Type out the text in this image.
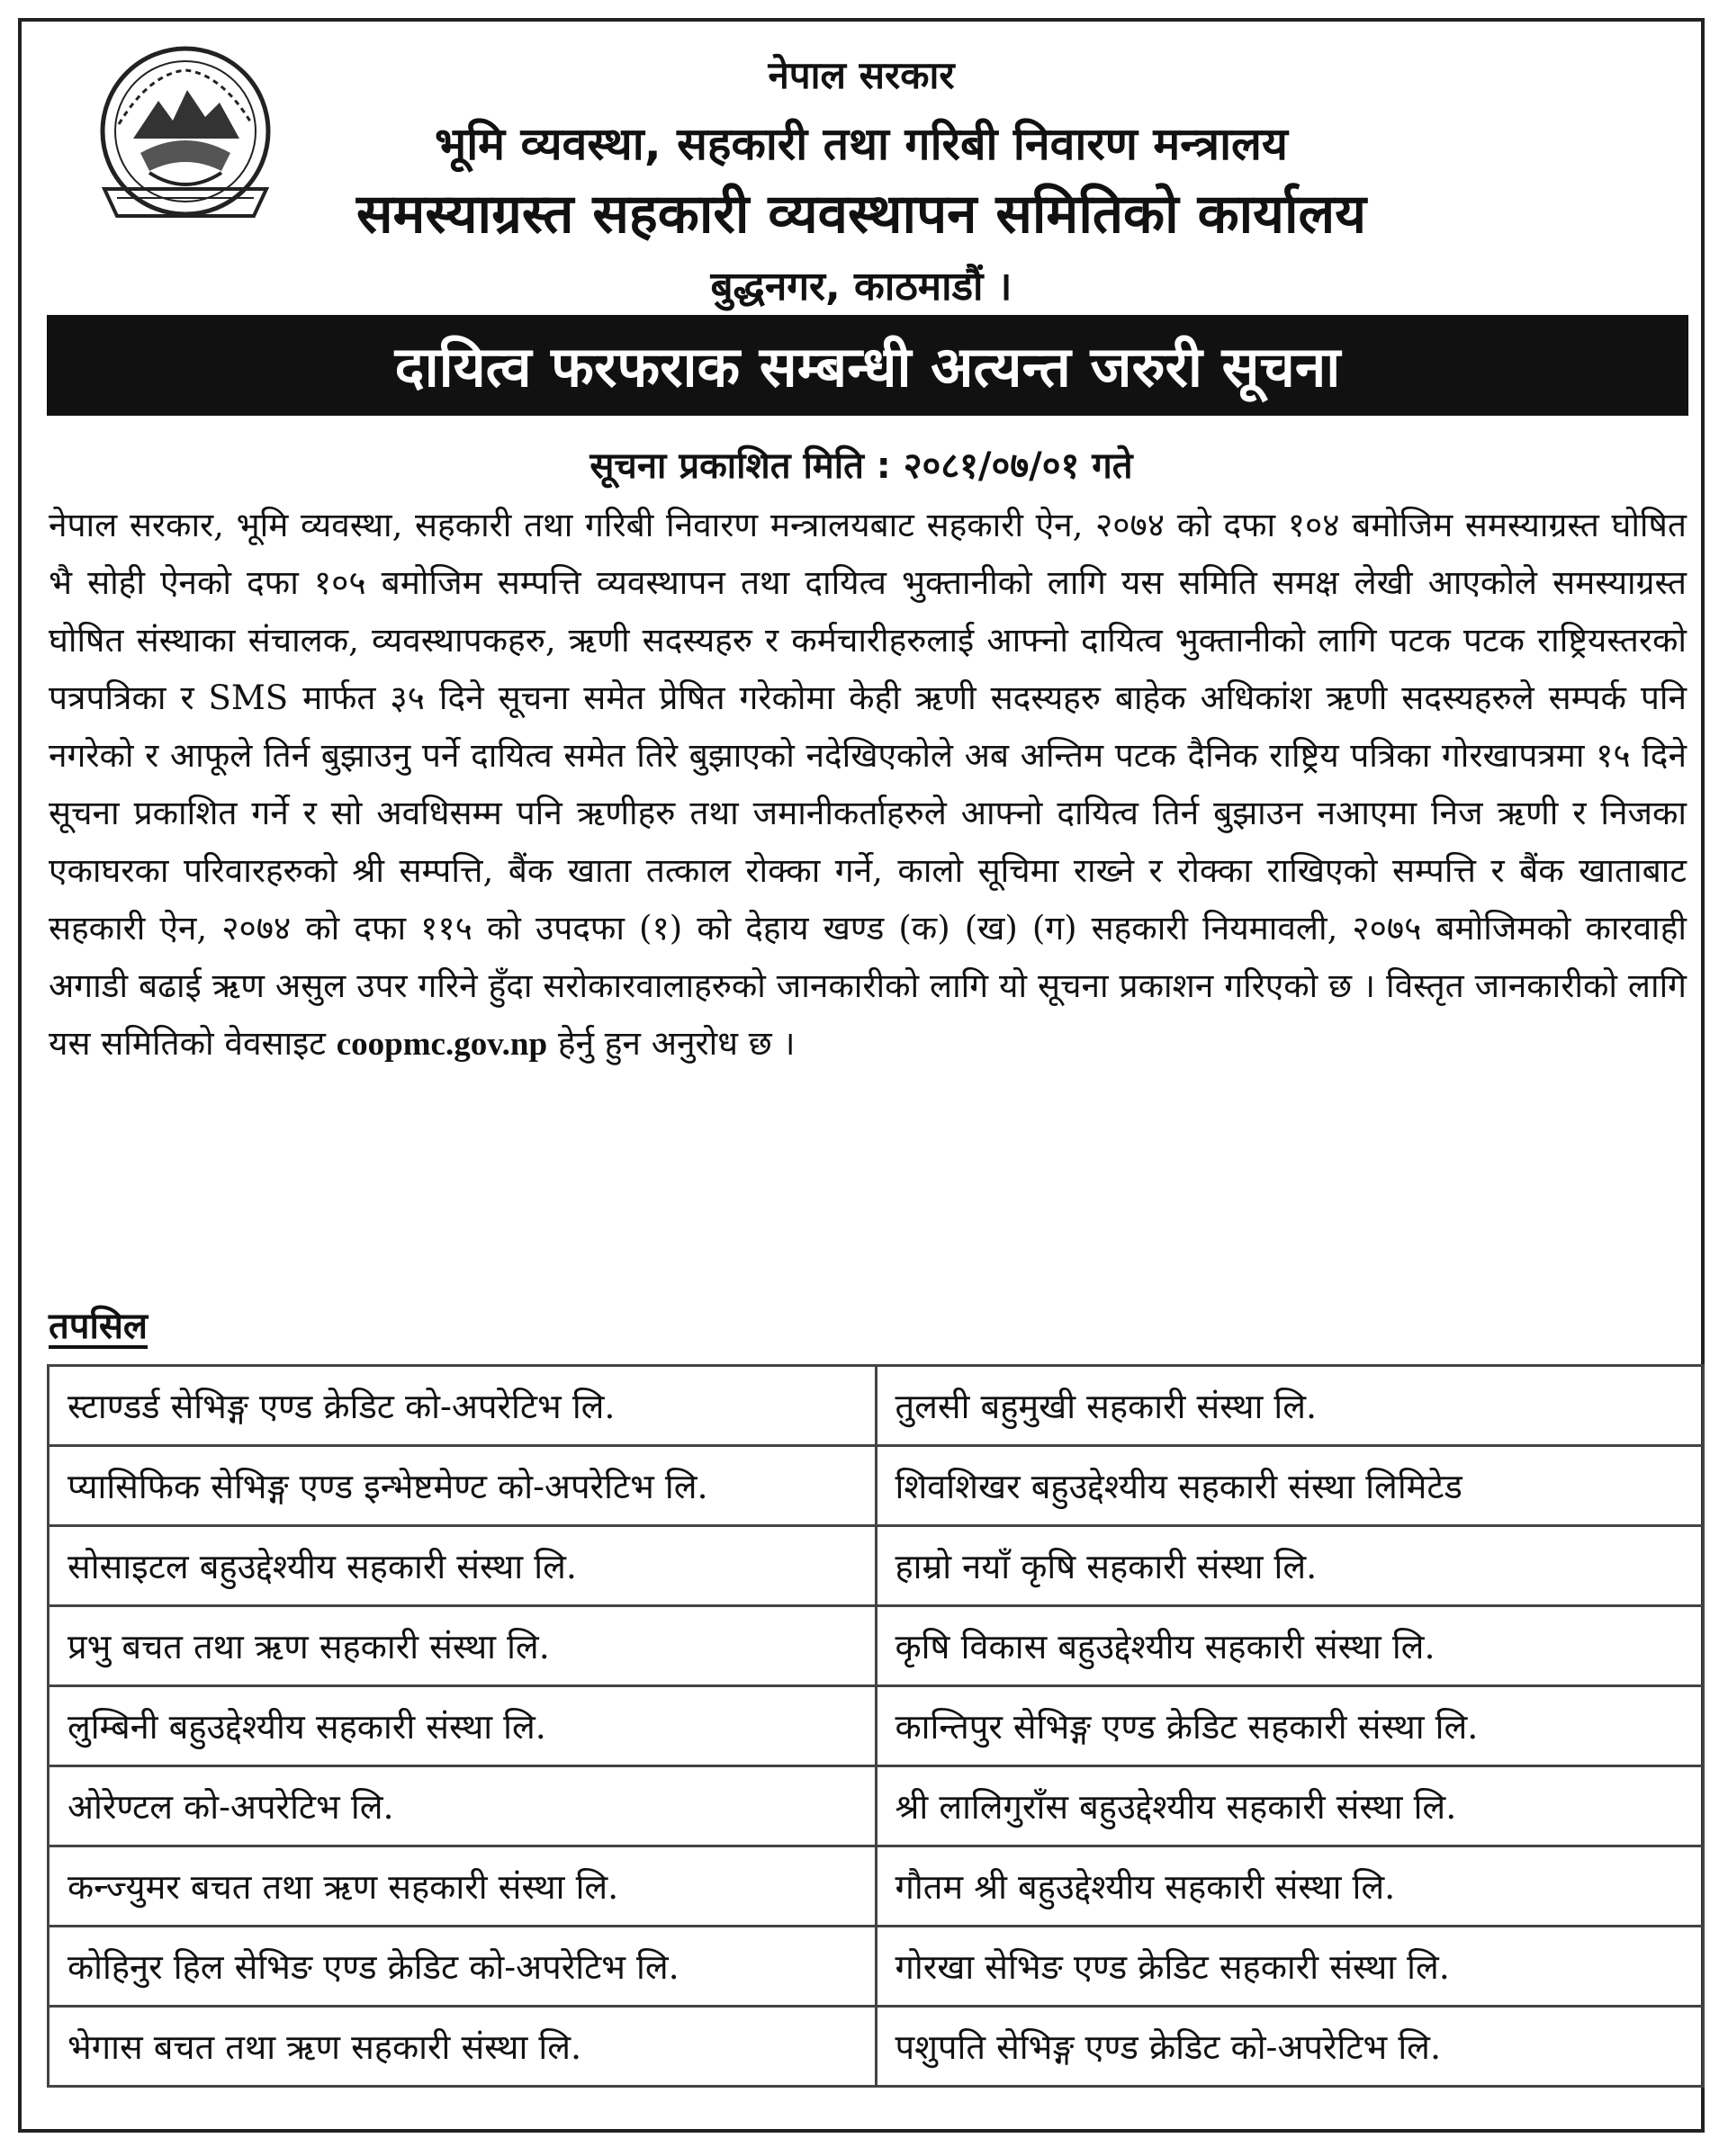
नेपाल सरकार
भूमि व्यवस्था, सहकारी तथा गरिबी निवारण मन्त्रालय
समस्याग्रस्त सहकारी व्यवस्थापन समितिको कार्यालय
बुद्धनगर, काठमाडौं ।
दायित्व फरफराक सम्बन्धी अत्यन्त जरुरी सूचना
सूचना प्रकाशित मिति : २०८१/०७/०१ गते
नेपाल सरकार, भूमि व्यवस्था, सहकारी तथा गरिबी निवारण मन्त्रालयबाट सहकारी ऐन, २०७४ को दफा १०४ बमोजिम समस्याग्रस्त घोषित भै सोही ऐनको दफा १०५ बमोजिम सम्पत्ति व्यवस्थापन तथा दायित्व भुक्तानीको लागि यस समिति समक्ष लेखी आएकोले समस्याग्रस्त घोषित संस्थाका संचालक, व्यवस्थापकहरु, ऋणी सदस्यहरु र कर्मचारीहरुलाई आफ्नो दायित्व भुक्तानीको लागि पटक पटक राष्ट्रियस्तरको पत्रपत्रिका र SMS मार्फत ३५ दिने सूचना समेत प्रेषित गरेकोमा केही ऋणी सदस्यहरु बाहेक अधिकांश ऋणी सदस्यहरुले सम्पर्क पनि नगरेको र आफूले तिर्न बुझाउनु पर्ने दायित्व समेत तिरे बुझाएको नदेखिएकोले अब अन्तिम पटक दैनिक राष्ट्रिय पत्रिका गोरखापत्रमा १५ दिने सूचना प्रकाशित गर्ने र सो अवधिसम्म पनि ऋणीहरु तथा जमानीकर्ताहरुले आफ्नो दायित्व तिर्न बुझाउन नआएमा निज ऋणी र निजका एकाघरका परिवारहरुको श्री सम्पत्ति, बैंक खाता तत्काल रोक्का गर्ने, कालो सूचिमा राख्ने र रोक्का राखिएको सम्पत्ति र बैंक खाताबाट सहकारी ऐन, २०७४ को दफा ११५ को उपदफा (१) को देहाय खण्ड (क) (ख) (ग) सहकारी नियमावली, २०७५ बमोजिमको कारवाही अगाडी बढाई ऋण असुल उपर गरिने हुँदा सरोकारवालाहरुको जानकारीको लागि यो सूचना प्रकाशन गरिएको छ । विस्तृत जानकारीको लागि यस समितिको वेवसाइट coopmc.gov.np हेर्नु हुन अनुरोध छ ।
तपसिल
स्टाण्डर्ड सेभिङ्ग एण्ड क्रेडिट को-अपरेटिभ लि.	तुलसी बहुमुखी सहकारी संस्था लि.
प्यासिफिक सेभिङ्ग एण्ड इन्भेष्टमेण्ट को-अपरेटिभ लि.	शिवशिखर बहुउद्देश्यीय सहकारी संस्था लिमिटेड
सोसाइटल बहुउद्देश्यीय सहकारी संस्था लि.	हाम्रो नयाँ कृषि सहकारी संस्था लि.
प्रभु बचत तथा ऋण सहकारी संस्था लि.	कृषि विकास बहुउद्देश्यीय सहकारी संस्था लि.
लुम्बिनी बहुउद्देश्यीय सहकारी संस्था लि.	कान्तिपुर सेभिङ्ग एण्ड क्रेडिट सहकारी संस्था लि.
ओरेण्टल को-अपरेटिभ लि.	श्री लालिगुराँस बहुउद्देश्यीय सहकारी संस्था लि.
कन्ज्युमर बचत तथा ऋण सहकारी संस्था लि.	गौतम श्री बहुउद्देश्यीय सहकारी संस्था लि.
कोहिनुर हिल सेभिङ एण्ड क्रेडिट को-अपरेटिभ लि.	गोरखा सेभिङ एण्ड क्रेडिट सहकारी संस्था लि.
भेगास बचत तथा ऋण सहकारी संस्था लि.	पशुपति सेभिङ्ग एण्ड क्रेडिट को-अपरेटिभ लि.
